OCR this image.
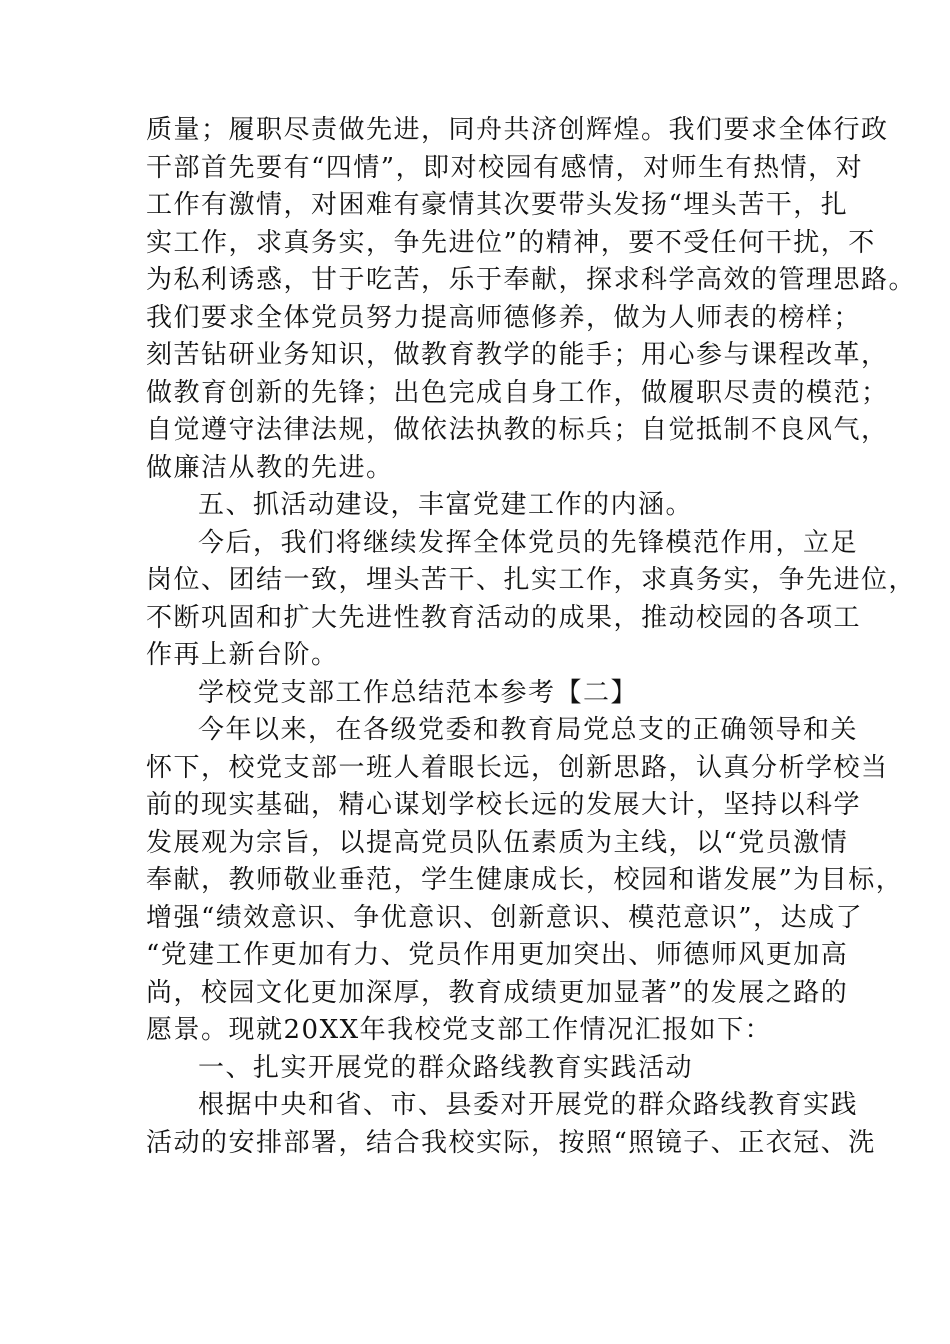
质量；履职尽责做先进，同舟共济创辉煌。我们要求全体行政
干部首先要有“四情”，即对校园有感情，对师生有热情，对
工作有激情，对困难有豪情其次要带头发扬“埋头苦干，扎
实工作，求真务实，争先进位”的精神，要不受任何干扰，不
为私利诱惑，甘于吃苦，乐于奉献，探求科学高效的管理思路。
我们要求全体党员努力提高师德修养，做为人师表的榜样；
刻苦钻研业务知识，做教育教学的能手；用心参与课程改革，
做教育创新的先锋；出色完成自身工作，做履职尽责的模范；
自觉遵守法律法规，做依法执教的标兵；自觉抵制不良风气，
做廉洁从教的先进。
五、抓活动建设，丰富党建工作的内涵。
今后，我们将继续发挥全体党员的先锋模范作用，立足
岗位、团结一致，埋头苦干、扎实工作，求真务实，争先进位，
不断巩固和扩大先进性教育活动的成果，推动校园的各项工
作再上新台阶。
学校党支部工作总结范本参考【二】
今年以来，在各级党委和教育局党总支的正确领导和关
怀下，校党支部一班人着眼长远，创新思路，认真分析学校当
前的现实基础，精心谋划学校长远的发展大计，坚持以科学
发展观为宗旨，以提高党员队伍素质为主线，以“党员激情
奉献，教师敬业垂范，学生健康成长，校园和谐发展”为目标，
增强“绩效意识、争优意识、创新意识、模范意识”，达成了
“党建工作更加有力、党员作用更加突出、师德师风更加高
尚，校园文化更加深厚，教育成绩更加显著”的发展之路的
愿景。现就20XX年我校党支部工作情况汇报如下：
一、扎实开展党的群众路线教育实践活动
根据中央和省、市、县委对开展党的群众路线教育实践
活动的安排部署，结合我校实际，按照“照镜子、正衣冠、洗
